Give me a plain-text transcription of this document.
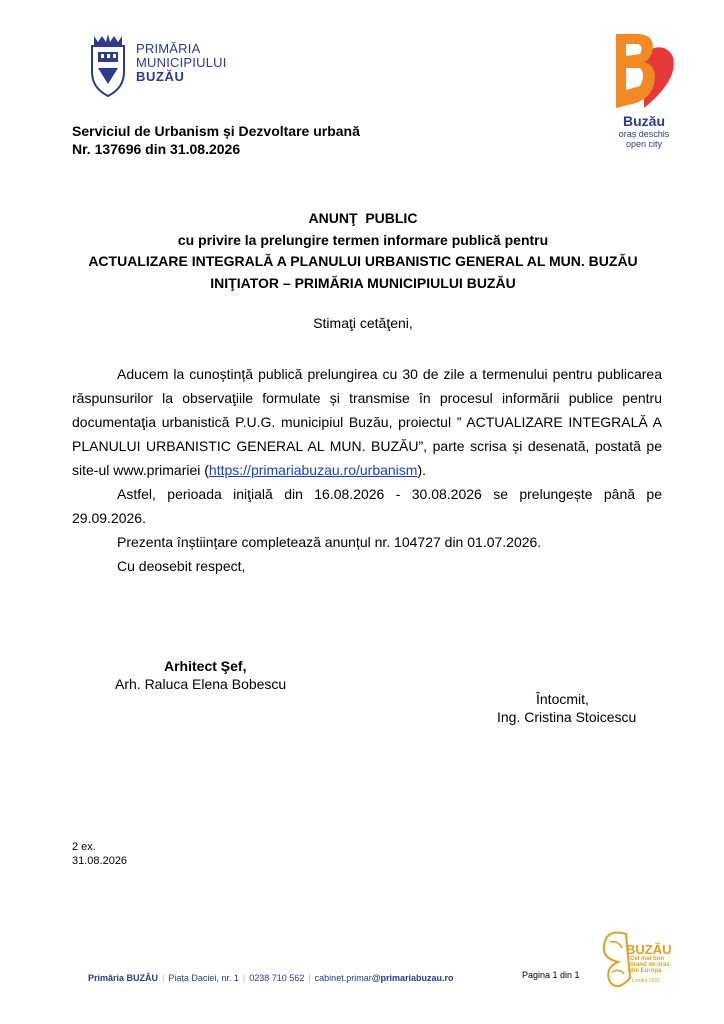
PRIMĂRIA
MUNICIPIULUI
BUZĂU
Buzău
oraș deschis
open city
Serviciul de Urbanism și Dezvoltare urbană
Nr. 137696 din 31.08.2026
ANUNŢ  PUBLIC
cu privire la prelungire termen informare publică pentru
ACTUALIZARE INTEGRALĂ A PLANULUI URBANISTIC GENERAL AL MUN. BUZĂU
INIŢIATOR – PRIMĂRIA MUNICIPIULUI BUZĂU
Stimaţi cetăţeni,

Aducem la cunoștință publică prelungirea cu 30 de zile a termenului pentru publicarea răspunsurilor la observaţiile formulate și transmise în procesul informării publice pentru documentaţia urbanistică P.U.G. municipiul Buzău, proiectul ” ACTUALIZARE INTEGRALĂ A PLANULUI URBANISTIC GENERAL AL MUN. BUZĂU”, parte scrisa și desenată, postată pe site-ul www.primariei (https://primariabuzau.ro/urbanism).

Astfel, perioada iniţială din 16.08.2026 - 30.08.2026 se prelungește până pe 29.09.2026.

Prezenta înștiințare completează anunțul nr. 104727 din 01.07.2026.

Cu deosebit respect,

Arhitect Şef,
Arh. Raluca Elena Bobescu
Întocmit,
Ing. Cristina Stoicescu
2 ex.
31.08.2026
Primăria BUZĂU | Piața Daciei, nr. 1 | 0238 710 562 | cabinet.primar@primariabuzau.ro	Pagina 1 din 1
BUZĂU
Cel mai bun
brand de oraș
din Europa
Londra 2021
